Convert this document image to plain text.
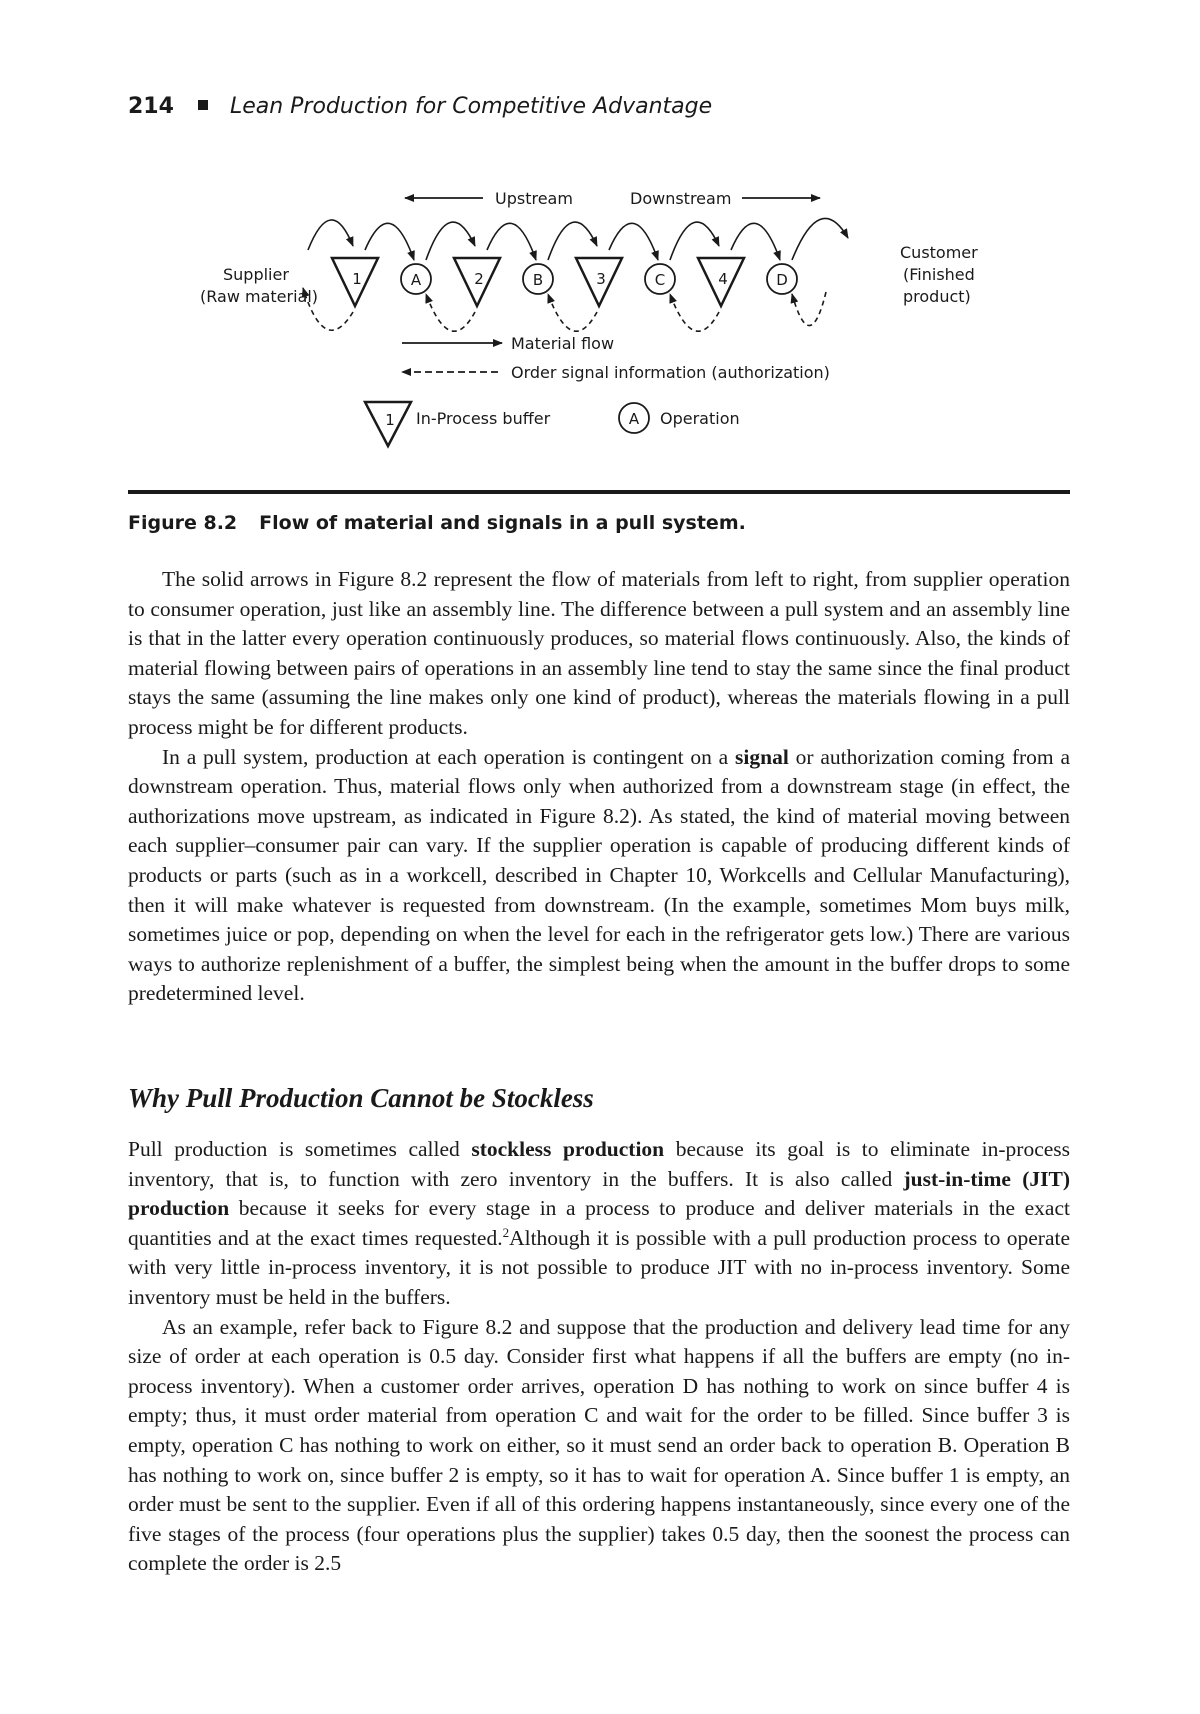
214	Lean Production for Competitive Advantage
Upstream	Downstream
Supplier
(Raw material)
Customer
(Finished
product)
1	2	3	4
A	B	C	D
Material flow
Order signal information (authorization)
1 In-Process buffer	A Operation
Figure 8.2 Flow of material and signals in a pull system.

The solid arrows in Figure 8.2 represent the flow of materials from left to right, from supplier operation to consumer operation, just like an assembly line. The difference between a pull system and an assembly line is that in the latter every operation continuously produces, so material flows continuously. Also, the kinds of material flowing between pairs of operations in an assembly line tend to stay the same since the final product stays the same (assuming the line makes only one kind of product), whereas the materials flowing in a pull process might be for different products.

In a pull system, production at each operation is contingent on a signal or authorization coming from a downstream operation. Thus, material flows only when authorized from a downstream stage (in effect, the authorizations move upstream, as indicated in Figure 8.2). As stated, the kind of material moving between each supplier–consumer pair can vary. If the supplier operation is capable of producing different kinds of products or parts (such as in a workcell, described in Chapter 10, Workcells and Cellular Manufacturing), then it will make whatever is requested from downstream. (In the example, sometimes Mom buys milk, sometimes juice or pop, depending on when the level for each in the refrigerator gets low.) There are various ways to authorize replenishment of a buffer, the simplest being when the amount in the buffer drops to some predetermined level.

Why Pull Production Cannot be Stockless

Pull production is sometimes called stockless production because its goal is to eliminate in-process inventory, that is, to function with zero inventory in the buffers. It is also called just-in-time (JIT) production because it seeks for every stage in a process to produce and deliver materials in the exact quantities and at the exact times requested.$^2$Although it is possible with a pull production process to operate with very little in-process inventory, it is not possible to produce JIT with no in-process inventory. Some inventory must be held in the buffers.

As an example, refer back to Figure 8.2 and suppose that the production and delivery lead time for any size of order at each operation is 0.5 day. Consider first what happens if all the buffers are empty (no in-process inventory). When a customer order arrives, operation D has nothing to work on since buffer 4 is empty; thus, it must order material from operation C and wait for the order to be filled. Since buffer 3 is empty, operation C has nothing to work on either, so it must send an order back to operation B. Operation B has nothing to work on, since buffer 2 is empty, so it has to wait for operation A. Since buffer 1 is empty, an order must be sent to the supplier. Even if all of this ordering happens instantaneously, since every one of the five stages of the process (four operations plus the supplier) takes 0.5 day, then the soonest the process can complete the order is 2.5
